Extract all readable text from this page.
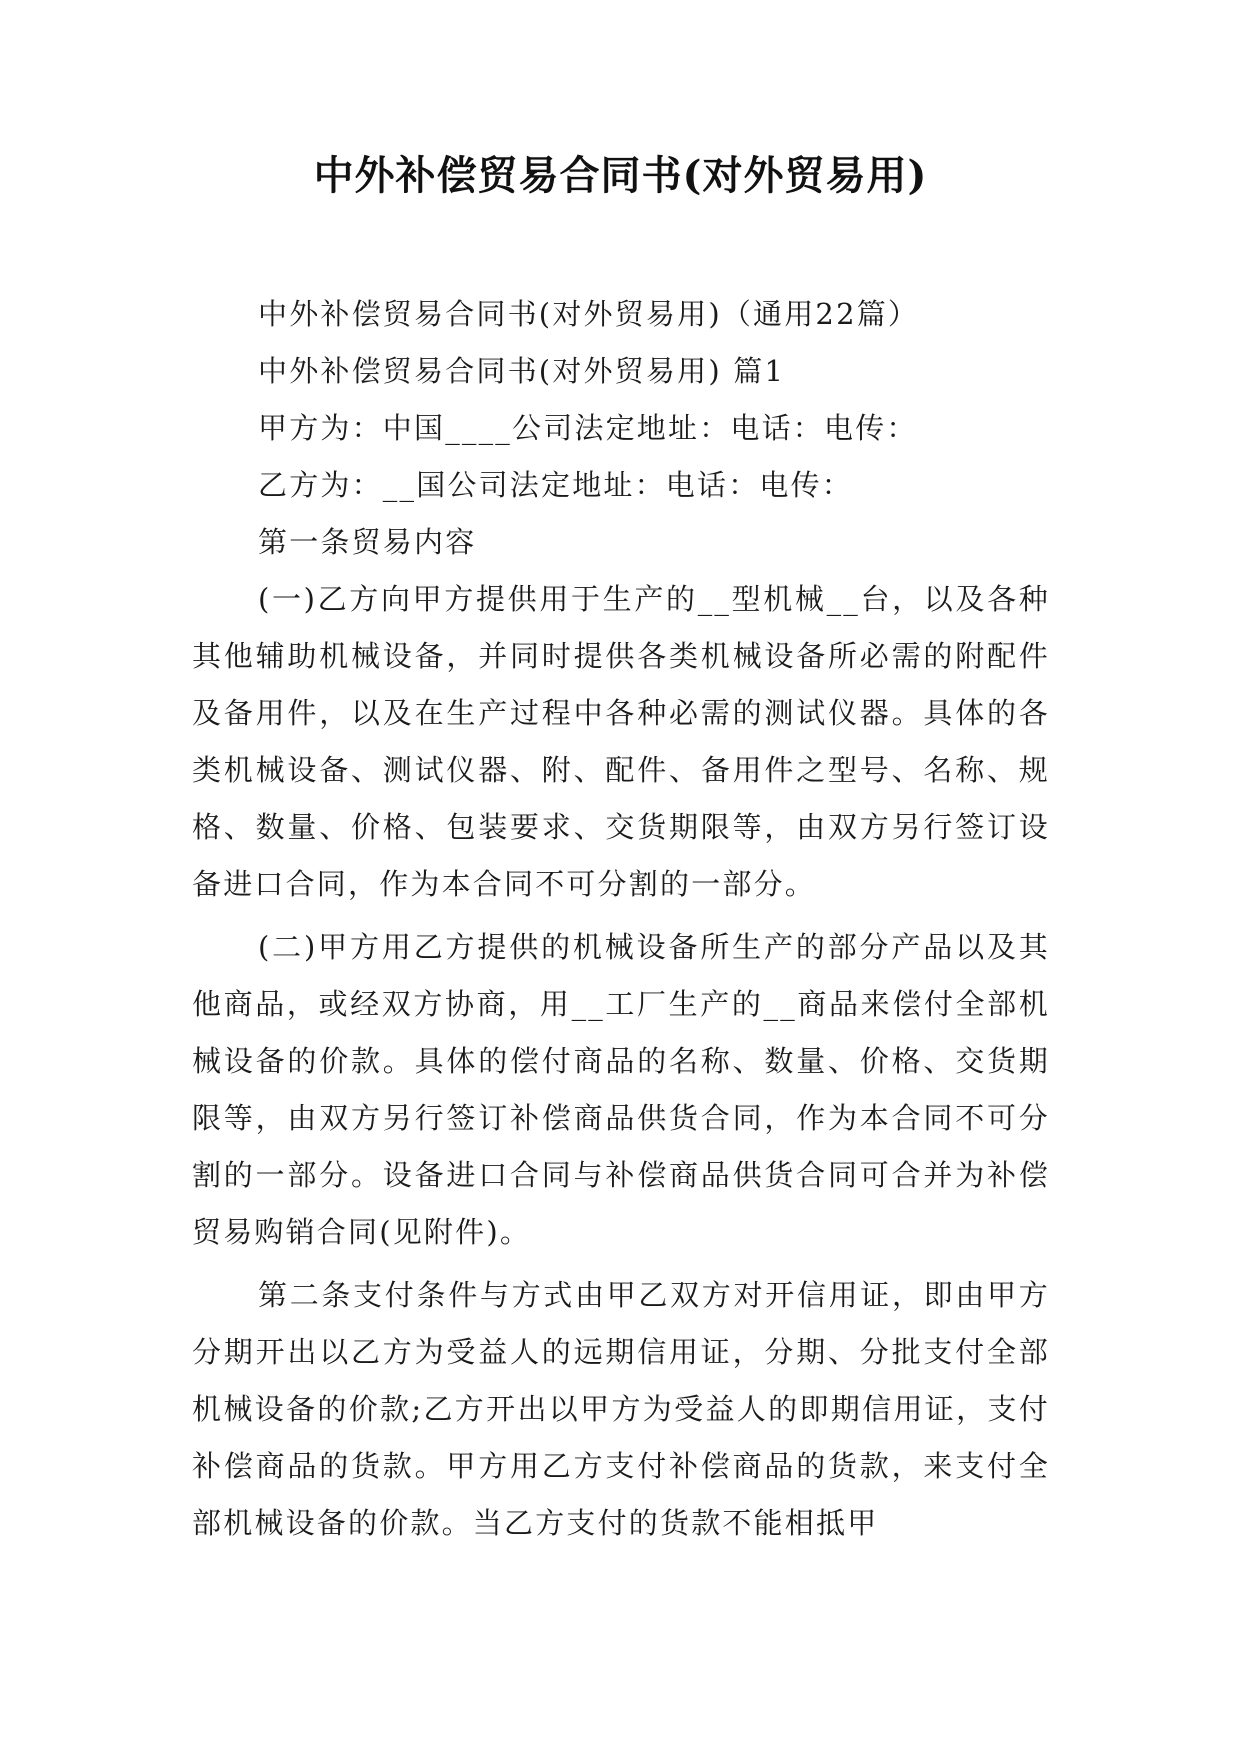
中外补偿贸易合同书(对外贸易用)

中外补偿贸易合同书(对外贸易用)（通用22篇）

中外补偿贸易合同书(对外贸易用) 篇1

甲方为：中国____公司法定地址：电话：电传：

乙方为：__国公司法定地址：电话：电传：

第一条贸易内容

(一)乙方向甲方提供用于生产的__型机械__台，以及各种其他辅助机械设备，并同时提供各类机械设备所必需的附配件及备用件，以及在生产过程中各种必需的测试仪器。具体的各类机械设备、测试仪器、附、配件、备用件之型号、名称、规格、数量、价格、包装要求、交货期限等，由双方另行签订设备进口合同，作为本合同不可分割的一部分。

(二)甲方用乙方提供的机械设备所生产的部分产品以及其他商品，或经双方协商，用__工厂生产的__商品来偿付全部机械设备的价款。具体的偿付商品的名称、数量、价格、交货期限等，由双方另行签订补偿商品供货合同，作为本合同不可分割的一部分。设备进口合同与补偿商品供货合同可合并为补偿贸易购销合同(见附件)。

第二条支付条件与方式由甲乙双方对开信用证，即由甲方分期开出以乙方为受益人的远期信用证，分期、分批支付全部机械设备的价款;乙方开出以甲方为受益人的即期信用证，支付补偿商品的货款。甲方用乙方支付补偿商品的货款，来支付全部机械设备的价款。当乙方支付的货款不能相抵甲
